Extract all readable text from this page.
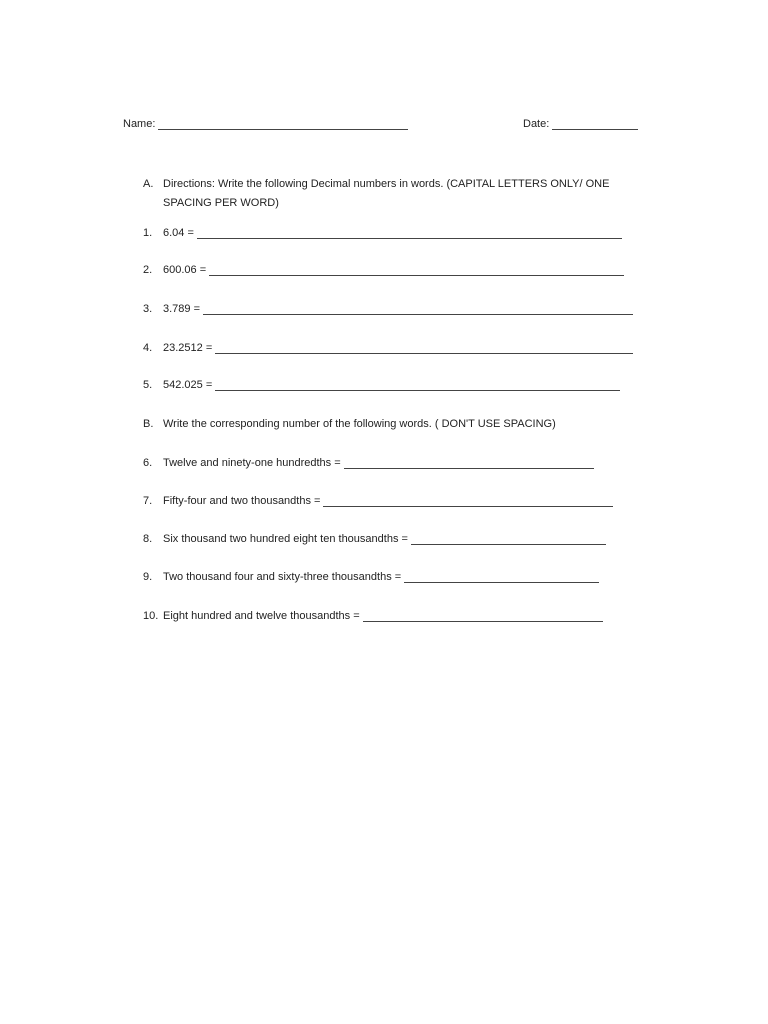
Name:	Date:
A. Directions: Write the following Decimal numbers in words. (CAPITAL LETTERS ONLY/ ONE SPACING PER WORD)
1. 6.04 =
2. 600.06 =
3. 3.789 =
4. 23.2512 =
5. 542.025 =
B. Write the corresponding number of the following words. ( DON'T USE SPACING)
6. Twelve and ninety-one hundredths =
7. Fifty-four and two thousandths =
8. Six thousand two hundred eight ten thousandths =
9. Two thousand four and sixty-three thousandths =
10. Eight hundred and twelve thousandths =
